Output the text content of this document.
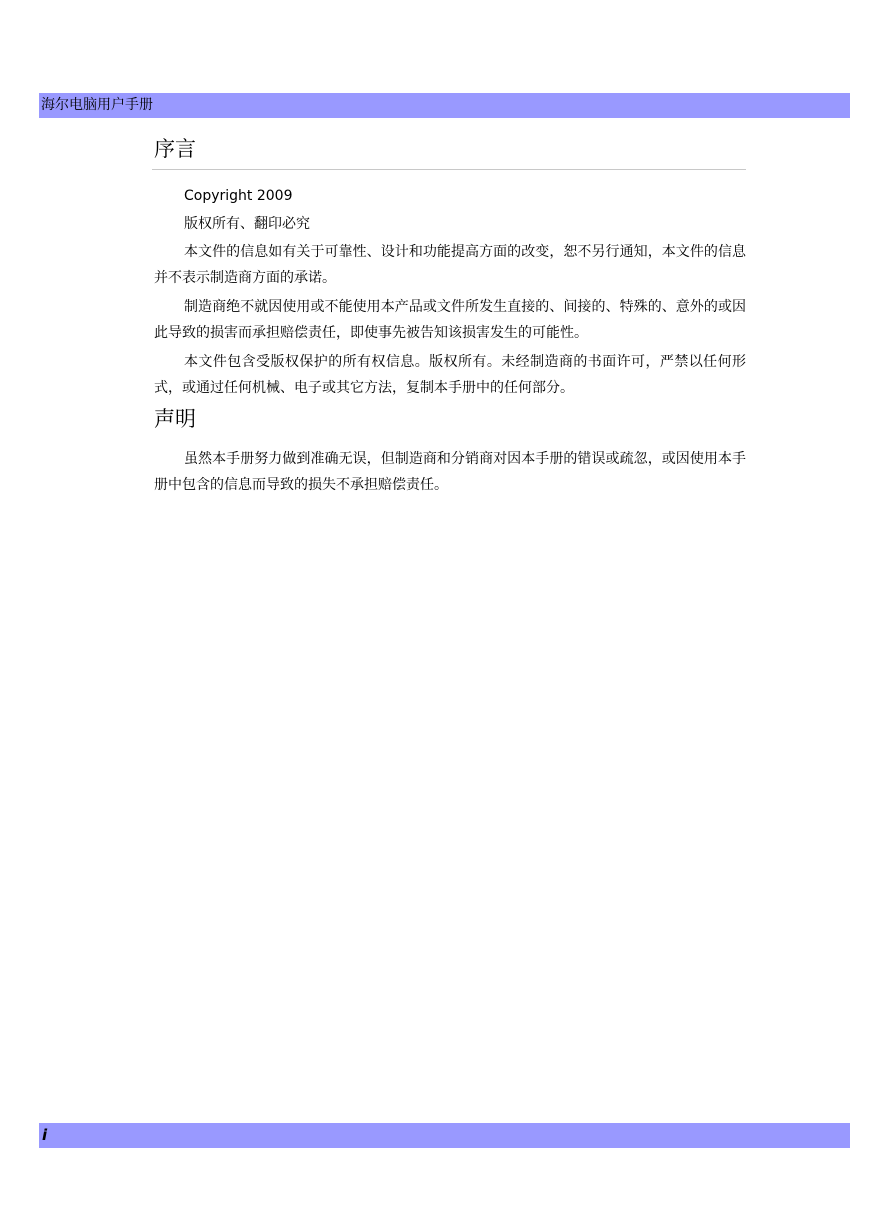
海尔电脑用户手册
序言

Copyright 2009

版权所有、翻印必究

本文件的信息如有关于可靠性、设计和功能提高方面的改变，恕不另行通知，本文件的信息并不表示制造商方面的承诺。

制造商绝不就因使用或不能使用本产品或文件所发生直接的、间接的、特殊的、意外的或因此导致的损害而承担赔偿责任，即使事先被告知该损害发生的可能性。

本文件包含受版权保护的所有权信息。版权所有。未经制造商的书面许可，严禁以任何形式，或通过任何机械、电子或其它方法，复制本手册中的任何部分。

声明

虽然本手册努力做到准确无误，但制造商和分销商对因本手册的错误或疏忽，或因使用本手册中包含的信息而导致的损失不承担赔偿责任。

i
